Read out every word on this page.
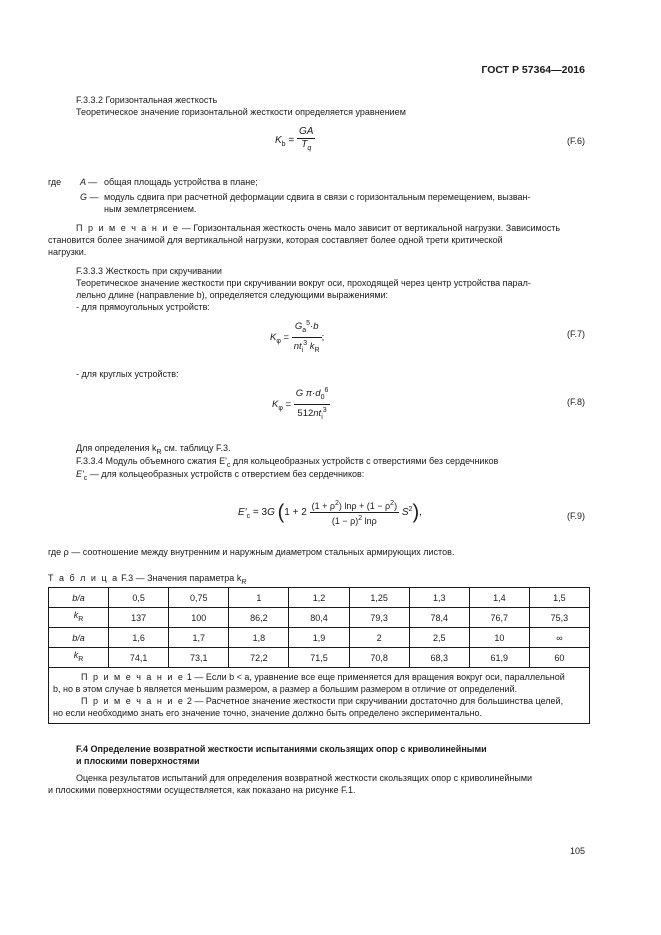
ГОСТ Р 57364—2016
F.3.3.2 Горизонтальная жесткость
Теоретическое значение горизонтальной жесткости определяется уравнением
$K_b = \frac{GA}{T_q}$	(F.6)
где A — общая площадь устройства в плане;
G — модуль сдвига при расчетной деформации сдвига в связи с горизонтальным перемещением, вызван-
ным землетрясением.
П р и м е ч а н и е — Горизонтальная жесткость очень мало зависит от вертикальной нагрузки. Зависимость
становится более значимой для вертикальной нагрузки, которая составляет более одной трети критической
нагрузки.
F.3.3.3 Жесткость при скручивании
Теоретическое значение жесткости при скручивании вокруг оси, проходящей через центр устройства парал-
лельно длине (направление b), определяется следующими выражениями:
- для прямоугольных устройств:
$K_\varphi = \frac{G_a^5\cdot b}{nt_i^3 k_R}$ ;	(F.7)
- для круглых устройств:
$K_\varphi = \frac{G \pi\cdot d_0^6}{512nt_i^3}$	(F.8)
Для определения $k_R$ см. таблицу F.3.
F.3.3.4 Модуль объемного сжатия $E'_c$ для кольцеобразных устройств с отверстиями без сердечников
$E'_c$ — для кольцеобразных устройств с отверстием без сердечников:
$E'_c = 3G$ $(1 + 2 \frac{(1 + \rho^2) \ln\rho + (1 - \rho^2)}{(1 - \rho)^2 \ln\rho} S^2)$,	(F.9)
где ρ — соотношение между внутренним и наружным диаметром стальных армирующих листов.
Т а б л и ц а F.3 — Значения параметра $k_R$
b/a	0,5	0,75	1	1,2	1,25	1,3	1,4	1,5
$k_R$	137	100	86,2	80,4	79,3	78,4	76,7	75,3
b/a	1,6	1,7	1,8	1,9	2	2,5	10	∞
$k_R$	74,1	73,1	72,2	71,5	70,8	68,3	61,9	60

П р и м е ч а н и е 1 — Если b < a, уравнение все еще применяется для вращения вокруг оси, параллельной
b, но в этом случае b является меньшим размером, а размер a большим размером в отличие от определений.
П р и м е ч а н и е 2 — Расчетное значение жесткости при скручивании достаточно для большинства целей,
но если необходимо знать его значение точно, значение должно быть определено экспериментально.								
F.4 Определение возвратной жесткости испытаниями скользящих опор с криволинейными
и плоскими поверхностями
Оценка результатов испытаний для определения возвратной жесткости скользящих опор с криволинейными
и плоскими поверхностями осуществляется, как показано на рисунке F.1.
105
